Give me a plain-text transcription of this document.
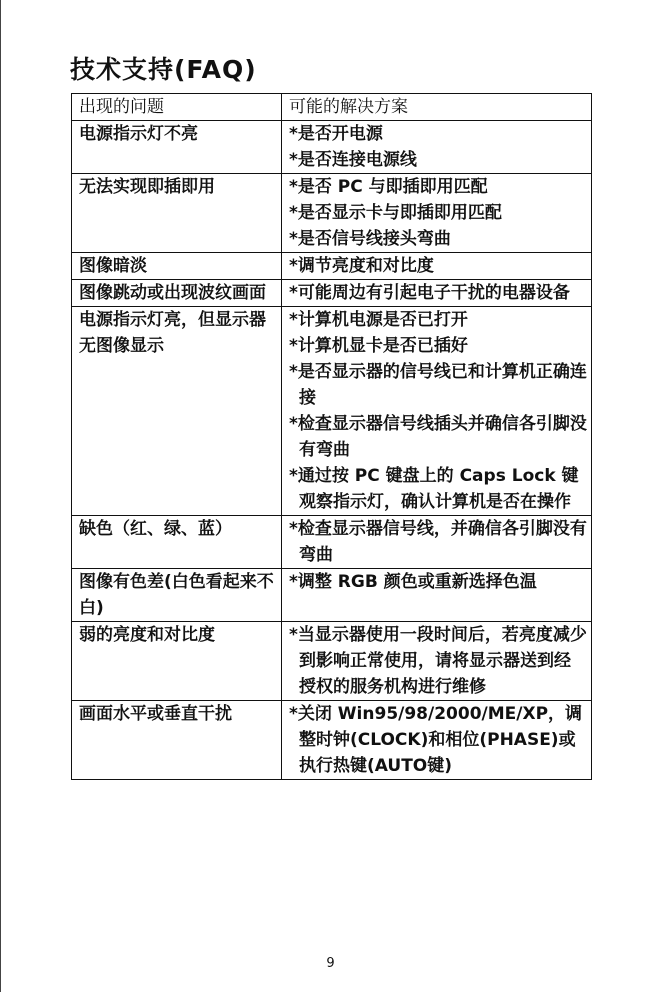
技术支持(FAQ)
出现的问题	可能的解决方案
电源指示灯不亮	*是否开电源
*是否连接电源线

无法实现即插即用	*是否 PC 与即插即用匹配
*是否显示卡与即插即用匹配
*是否信号线接头弯曲

图像暗淡	*调节亮度和对比度

图像跳动或出现波纹画面	*可能周边有引起电子干扰的电器设备

电源指示灯亮，但显示器无图像显示	*计算机电源是否已打开
*计算机显卡是否已插好
*是否显示器的信号线已和计算机正确连接
*检查显示器信号线插头并确信各引脚没有弯曲
*通过按 PC 键盘上的 Caps Lock 键观察指示灯，确认计算机是否在操作

缺色（红、绿、蓝）	*检查显示器信号线，并确信各引脚没有弯曲

图像有色差(白色看起来不白)	*调整 RGB 颜色或重新选择色温

弱的亮度和对比度	*当显示器使用一段时间后，若亮度减少到影响正常使用，请将显示器送到经授权的服务机构进行维修

画面水平或垂直干扰	*关闭 Win95/98/2000/ME/XP，调整时钟(CLOCK)和相位(PHASE)或执行热键(AUTO键)
9
